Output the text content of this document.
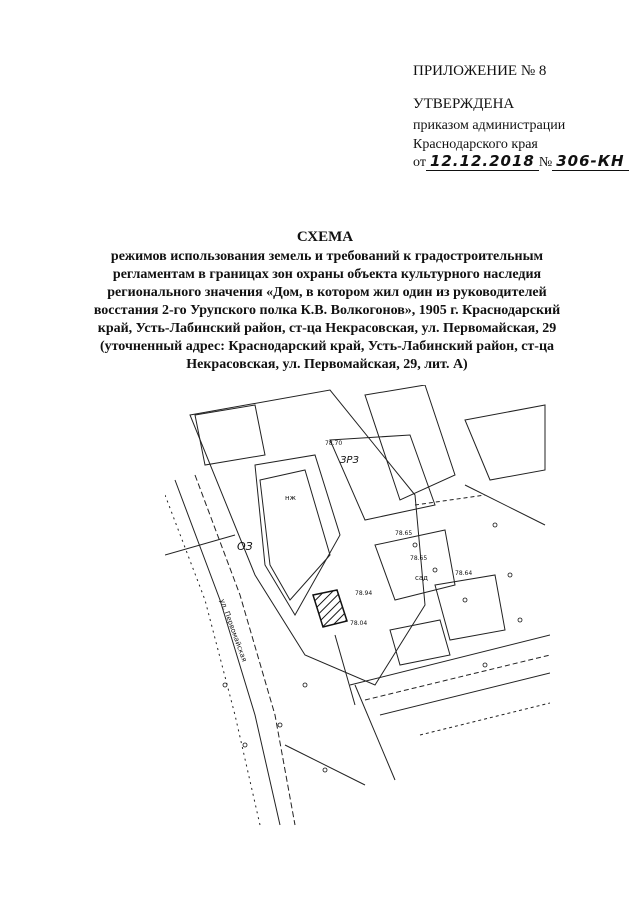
ПРИЛОЖЕНИЕ № 8
УТВЕРЖДЕНА
приказом администрации
Краснодарского края
от 12.12.2018 № 306-КН
СХЕМА
режимов использования земель и требований к градостроительным
регламентам в границах зон охраны объекта культурного наследия
регионального значения «Дом, в котором жил один из руководителей
восстания 2-го Урупского полка К.В. Волкогонов», 1905 г. Краснодарский
край, Усть-Лабинский район, ст-ца Некрасовская, ул. Первомайская, 29
(уточненный адрес: Краснодарский край, Усть-Лабинский район, ст-ца
Некрасовская, ул. Первомайская, 29, лит. А)
ЗРЗ
ОЗ
ул. Первомайская
нж
сад
78.65
78.64
78.70
78.65
78.04
78.94
